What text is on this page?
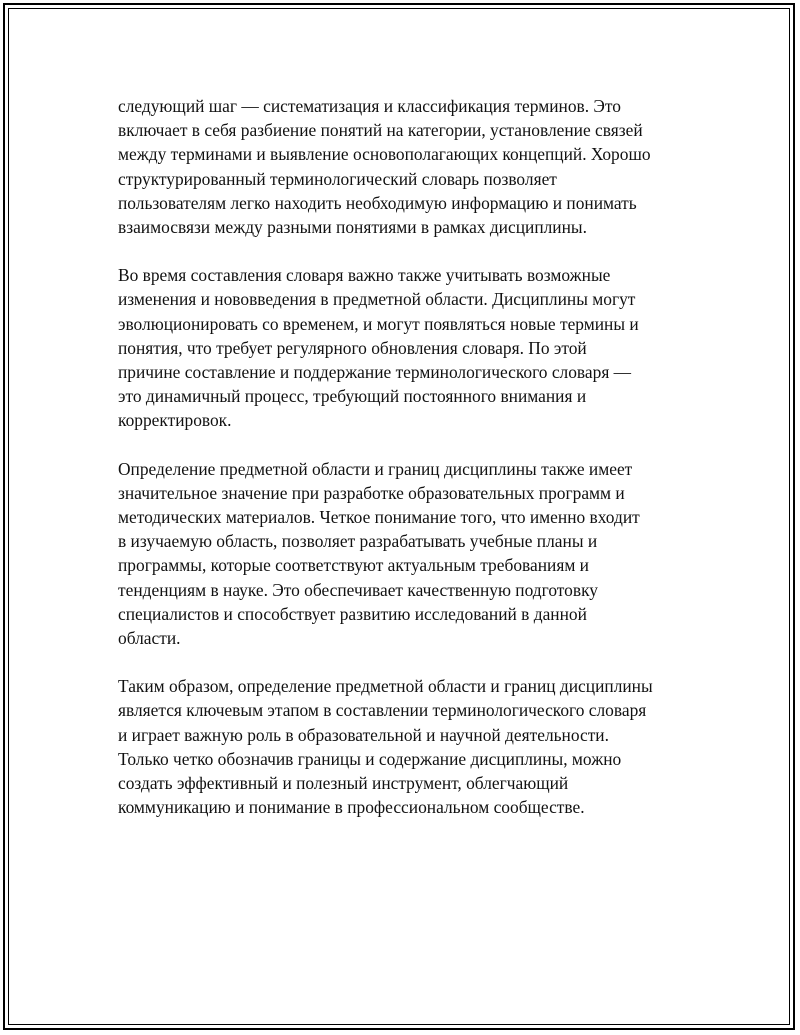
следующий шаг — систематизация и классификация терминов. Это
включает в себя разбиение понятий на категории, установление связей
между терминами и выявление основополагающих концепций. Хорошо
структурированный терминологический словарь позволяет
пользователям легко находить необходимую информацию и понимать
взаимосвязи между разными понятиями в рамках дисциплины.

Во время составления словаря важно также учитывать возможные
изменения и нововведения в предметной области. Дисциплины могут
эволюционировать со временем, и могут появляться новые термины и
понятия, что требует регулярного обновления словаря. По этой
причине составление и поддержание терминологического словаря —
это динамичный процесс, требующий постоянного внимания и
корректировок.

Определение предметной области и границ дисциплины также имеет
значительное значение при разработке образовательных программ и
методических материалов. Четкое понимание того, что именно входит
в изучаемую область, позволяет разрабатывать учебные планы и
программы, которые соответствуют актуальным требованиям и
тенденциям в науке. Это обеспечивает качественную подготовку
специалистов и способствует развитию исследований в данной
области.

Таким образом, определение предметной области и границ дисциплины
является ключевым этапом в составлении терминологического словаря
и играет важную роль в образовательной и научной деятельности.
Только четко обозначив границы и содержание дисциплины, можно
создать эффективный и полезный инструмент, облегчающий
коммуникацию и понимание в профессиональном сообществе.
